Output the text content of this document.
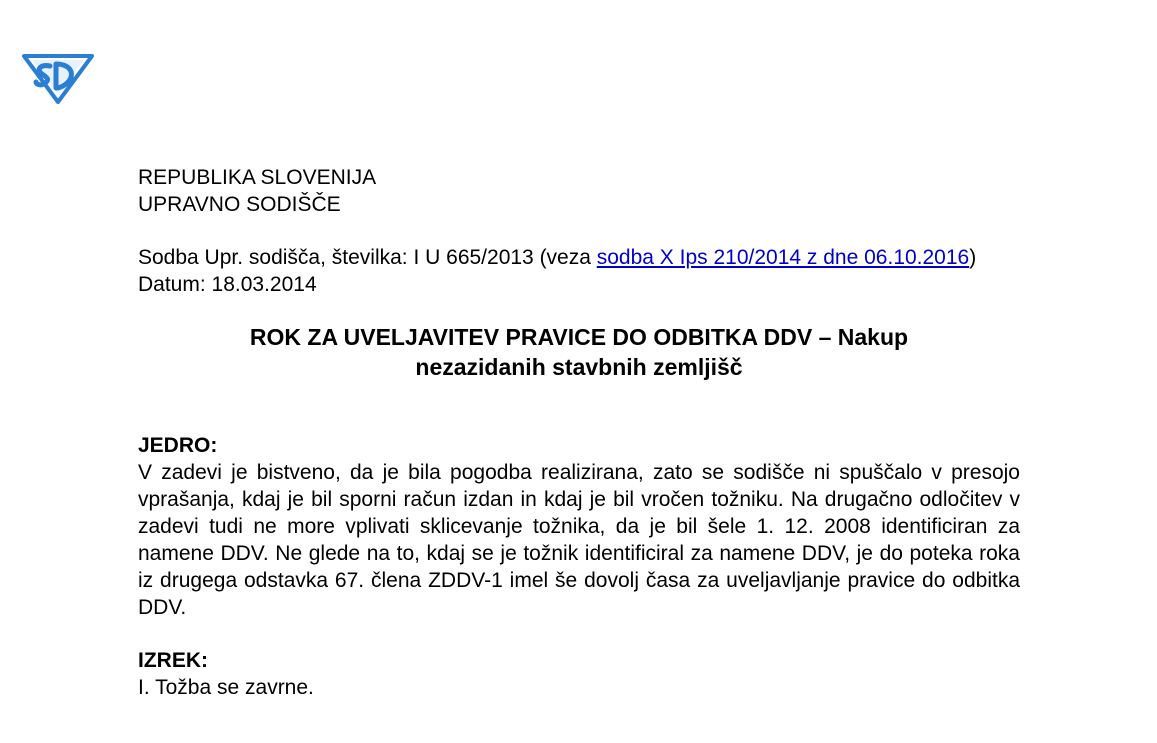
REPUBLIKA SLOVENIJA

UPRAVNO SODIŠČE

Sodba Upr. sodišča, številka: I U 665/2013 (veza sodba X Ips 210/2014 z dne 06.10.2016)

Datum: 18.03.2014

ROK ZA UVELJAVITEV PRAVICE DO ODBITKA DDV – Nakup

nezazidanih stavbnih zemljišč

JEDRO:

V zadevi je bistveno, da je bila pogodba realizirana, zato se sodišče ni spuščalo v presojo vprašanja, kdaj je bil sporni račun izdan in kdaj je bil vročen tožniku. Na drugačno odločitev v zadevi tudi ne more vplivati sklicevanje tožnika, da je bil šele 1. 12. 2008 identificiran za namene DDV. Ne glede na to, kdaj se je tožnik identificiral za namene DDV, je do poteka roka iz drugega odstavka 67. člena ZDDV-1 imel še dovolj časa za uveljavljanje pravice do odbitka DDV.

IZREK:

I. Tožba se zavrne.
